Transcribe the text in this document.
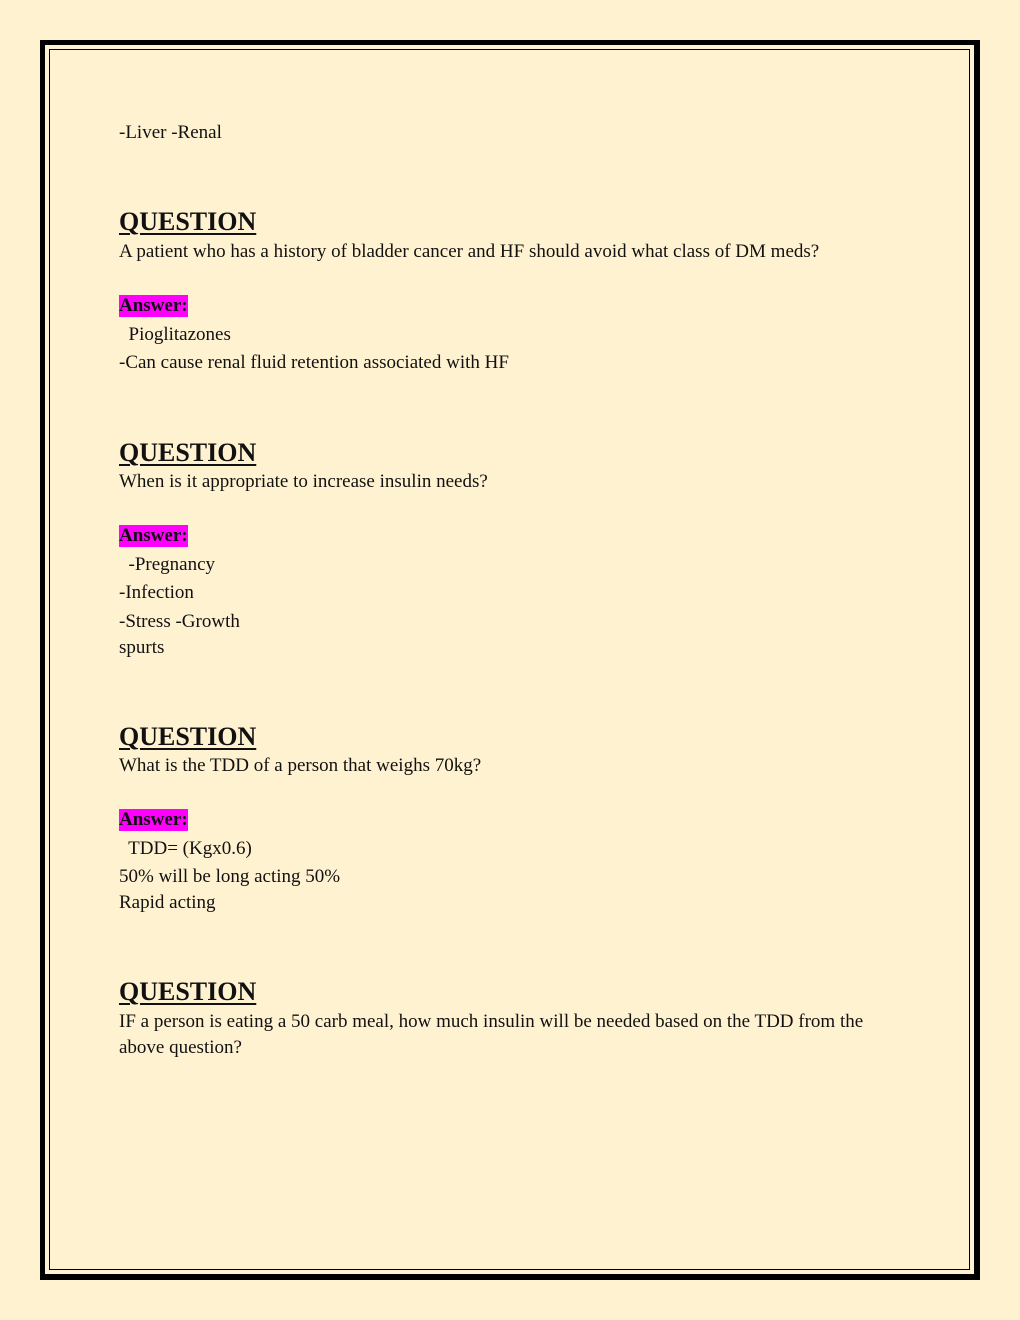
-Liver -Renal
QUESTION
A patient who has a history of bladder cancer and HF should avoid what class of DM meds?
Answer:
Pioglitazones
-Can cause renal fluid retention associated with HF
QUESTION
When is it appropriate to increase insulin needs?
Answer:
-Pregnancy
-Infection
-Stress -Growth
spurts
QUESTION
What is the TDD of a person that weighs 70kg?
Answer:
TDD= (Kgx0.6)
50% will be long acting 50%
Rapid acting
QUESTION
IF a person is eating a 50 carb meal, how much insulin will be needed based on the TDD from the above question?
